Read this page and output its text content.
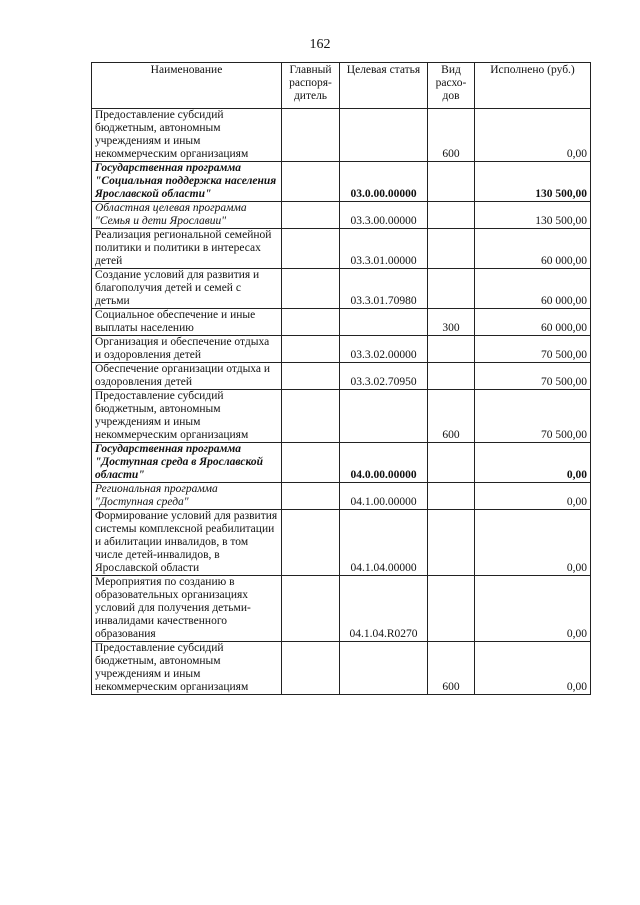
162
Наименование	Главный распоря- дитель	Целевая статья	Вид расхо- дов	Исполнено (руб.)
Предоставление субсидий бюджетным, автономным учреждениям и иным некоммерческим организациям			600	0,00
Государственная программа "Социальная поддержка населения Ярославской области"		03.0.00.00000		130 500,00
Областная целевая программа "Семья и дети Ярославии"		03.3.00.00000		130 500,00
Реализация региональной семейной политики и политики в интересах детей		03.3.01.00000		60 000,00
Создание условий для развития и благополучия детей и семей с детьми		03.3.01.70980		60 000,00
Социальное обеспечение и иные выплаты населению			300	60 000,00
Организация и обеспечение отдыха и оздоровления детей		03.3.02.00000		70 500,00
Обеспечение организации отдыха и оздоровления детей		03.3.02.70950		70 500,00
Предоставление субсидий бюджетным, автономным учреждениям и иным некоммерческим организациям			600	70 500,00
Государственная программа "Доступная среда в Ярославской области"		04.0.00.00000		0,00
Региональная программа "Доступная среда"		04.1.00.00000		0,00
Формирование условий для развития системы комплексной реабилитации и абилитации инвалидов, в том числе детей-инвалидов, в Ярославской области		04.1.04.00000		0,00
Мероприятия по созданию в образовательных организациях условий для получения детьми-инвалидами качественного образования		04.1.04.R0270		0,00
Предоставление субсидий бюджетным, автономным учреждениям и иным некоммерческим организациям			600	0,00
